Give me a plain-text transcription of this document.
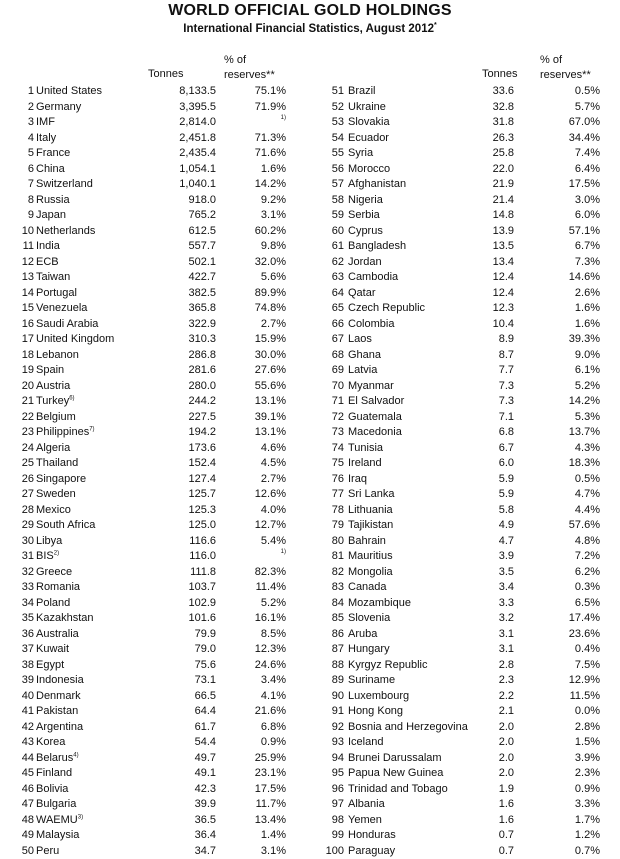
WORLD OFFICIAL GOLD HOLDINGS
International Financial Statistics, August 2012*
Tonnes
% of
reserves**
1 United States	8,133.5	75.1%
2 Germany	3,395.5	71.9%
3 IMF	2,814.0	$^{1)}$
4 Italy	2,451.8	71.3%
5 France	2,435.4	71.6%
6 China	1,054.1	1.6%
7 Switzerland	1,040.1	14.2%
8 Russia	918.0	9.2%
9 Japan	765.2	3.1%
10 Netherlands	612.5	60.2%
11 India	557.7	9.8%
12 ECB	502.1	32.0%
13 Taiwan	422.7	5.6%
14 Portugal	382.5	89.9%
15 Venezuela	365.8	74.8%
16 Saudi Arabia	322.9	2.7%
17 United Kingdom	310.3	15.9%
18 Lebanon	286.8	30.0%
19 Spain	281.6	27.6%
20 Austria	280.0	55.6%
21 Turkey$^{6)}$	244.2	13.1%
22 Belgium	227.5	39.1%
23 Philippines$^{7)}$	194.2	13.1%
24 Algeria	173.6	4.6%
25 Thailand	152.4	4.5%
26 Singapore	127.4	2.7%
27 Sweden	125.7	12.6%
28 Mexico	125.3	4.0%
29 South Africa	125.0	12.7%
30 Libya	116.6	5.4%
31 BIS$^{2)}$	116.0	$^{1)}$
32 Greece	111.8	82.3%
33 Romania	103.7	11.4%
34 Poland	102.9	5.2%
35 Kazakhstan	101.6	16.1%
36 Australia	79.9	8.5%
37 Kuwait	79.0	12.3%
38 Egypt	75.6	24.6%
39 Indonesia	73.1	3.4%
40 Denmark	66.5	4.1%
41 Pakistan	64.4	21.6%
42 Argentina	61.7	6.8%
43 Korea	54.4	0.9%
44 Belarus$^{4)}$	49.7	25.9%
45 Finland	49.1	23.1%
46 Bolivia	42.3	17.5%
47 Bulgaria	39.9	11.7%
48 WAEMU$^{3)}$	36.5	13.4%
49 Malaysia	36.4	1.4%
50 Peru	34.7	3.1%
Tonnes
% of
reserves**
51 Brazil	33.6	0.5%
52 Ukraine	32.8	5.7%
53 Slovakia	31.8	67.0%
54 Ecuador	26.3	34.4%
55 Syria	25.8	7.4%
56 Morocco	22.0	6.4%
57 Afghanistan	21.9	17.5%
58 Nigeria	21.4	3.0%
59 Serbia	14.8	6.0%
60 Cyprus	13.9	57.1%
61 Bangladesh	13.5	6.7%
62 Jordan	13.4	7.3%
63 Cambodia	12.4	14.6%
64 Qatar	12.4	2.6%
65 Czech Republic	12.3	1.6%
66 Colombia	10.4	1.6%
67 Laos	8.9	39.3%
68 Ghana	8.7	9.0%
69 Latvia	7.7	6.1%
70 Myanmar	7.3	5.2%
71 El Salvador	7.3	14.2%
72 Guatemala	7.1	5.3%
73 Macedonia	6.8	13.7%
74 Tunisia	6.7	4.3%
75 Ireland	6.0	18.3%
76 Iraq	5.9	0.5%
77 Sri Lanka	5.9	4.7%
78 Lithuania	5.8	4.4%
79 Tajikistan	4.9	57.6%
80 Bahrain	4.7	4.8%
81 Mauritius	3.9	7.2%
82 Mongolia	3.5	6.2%
83 Canada	3.4	0.3%
84 Mozambique	3.3	6.5%
85 Slovenia	3.2	17.4%
86 Aruba	3.1	23.6%
87 Hungary	3.1	0.4%
88 Kyrgyz Republic	2.8	7.5%
89 Suriname	2.3	12.9%
90 Luxembourg	2.2	11.5%
91 Hong Kong	2.1	0.0%
92 Bosnia and Herzegovina	2.0	2.8%
93 Iceland	2.0	1.5%
94 Brunei Darussalam	2.0	3.9%
95 Papua New Guinea	2.0	2.3%
96 Trinidad and Tobago	1.9	0.9%
97 Albania	1.6	3.3%
98 Yemen	1.6	1.7%
99 Honduras	0.7	1.2%
100 Paraguay	0.7	0.7%
